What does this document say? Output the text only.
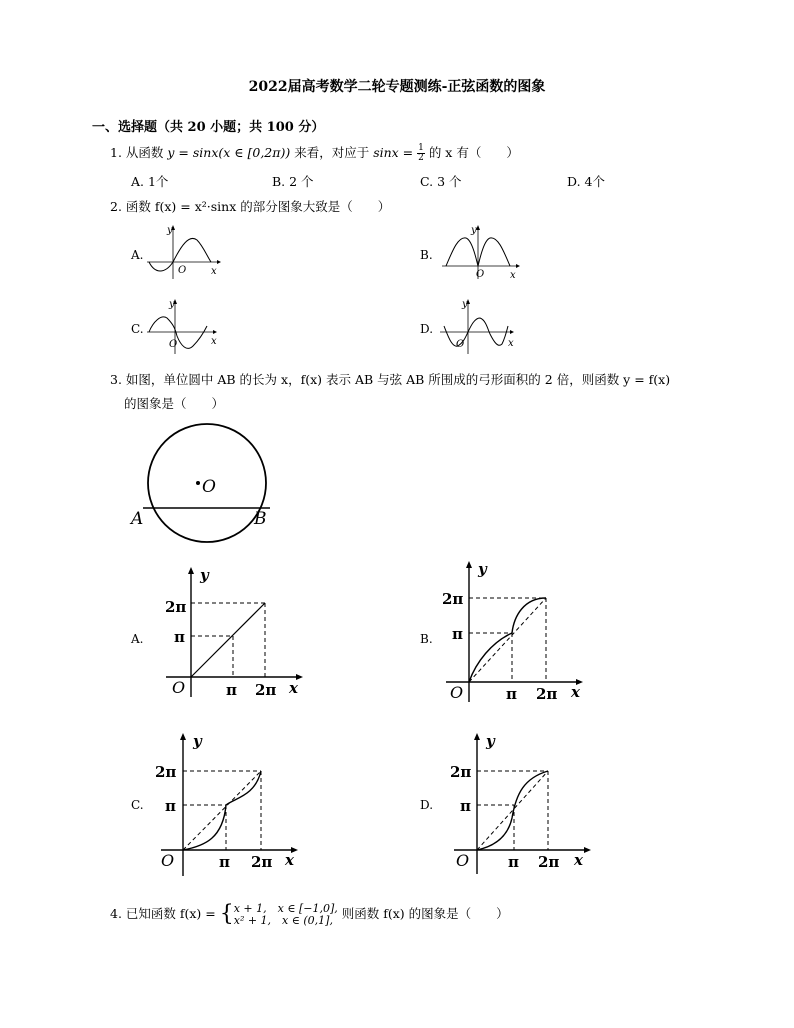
2022届高考数学二轮专题测练-正弦函数的图象
一、选择题（共 20 小题；共 100 分）
1. 从函数 y = sinx(x ∈ [0,2π)) 来看，对应于 $\sin x = \frac{1}{2}$ 的 x 有（　　）
A. 1个	B. 2 个	C. 3 个	D. 4个
2. 函数 f(x) = x²·sinx 的部分图象大致是（　　）
A.
y
O x
B.
y
O	x
C.
y
O	x
D.
y
O	x
3. 如图，单位圆中 AB 的长为 x，f(x) 表示 AB 与弦 AB 所围成的弓形面积的 2 倍，则函数 y = f(x)
的图象是（　　）
O
A	B
A.
y
2π
π
O	π 2π x
B.
y
2π
π
O	π 2π x
C.
y
2π
π
O	π 2π x
D.
y
2π
π
O	π 2π x
4. 已知函数 f(x) = { x + 1,　x ∈ [−1,0],
x² + 1,　x ∈ (0,1], 则函数 f(x) 的图象是（　　）
